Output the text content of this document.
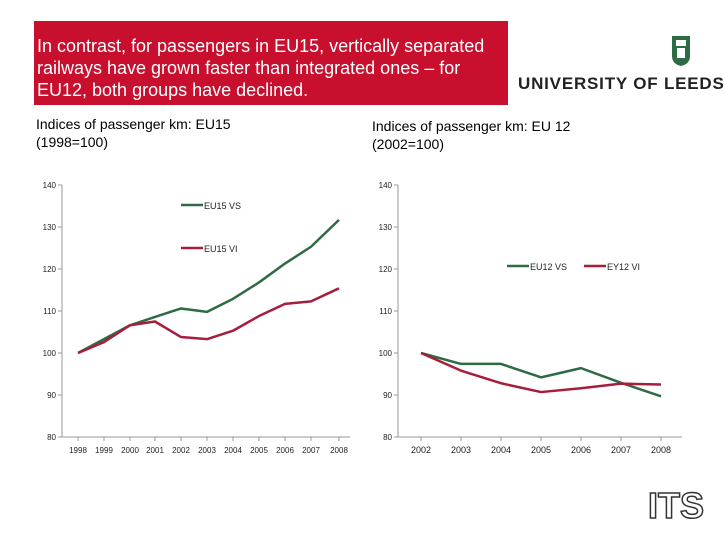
In contrast, for passengers in EU15, vertically separated railways have grown faster than integrated ones – for EU12, both groups have declined.	UNIVERSITY OF LEEDS
Indices of passenger km: EU15
(1998=100)
Indices of passenger km: EU 12
(2002=100)
80
90
100
110
120
130
140
1998 1999 2000 2001 2002 2003 2004 2005 2006 2007 2008
EU15 VS
EU15 VI
80
90
100
110
120
130
140
2002 2003 2004 2005 2006 2007 2008
EU12 VS	EY12 VI
ITS
